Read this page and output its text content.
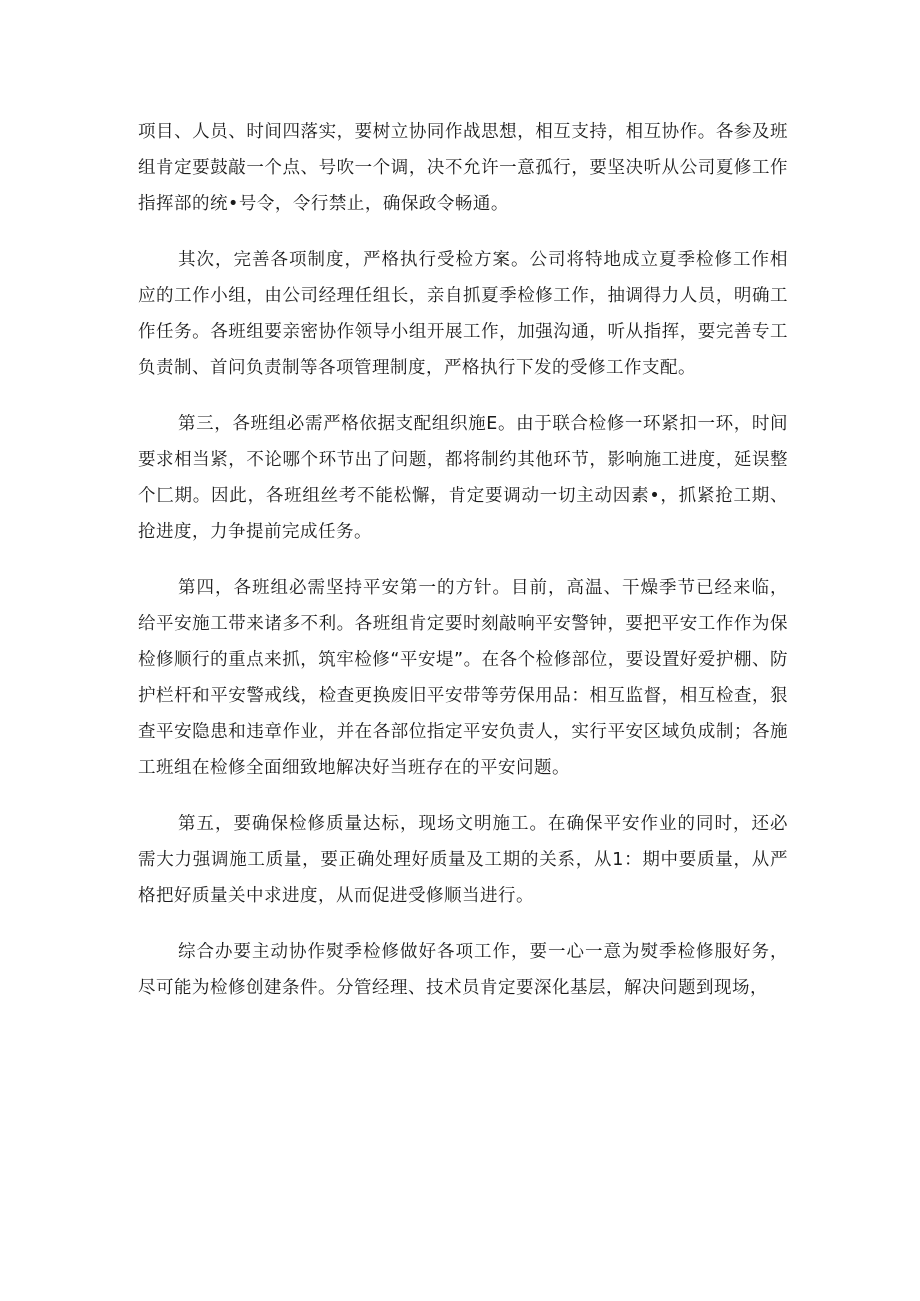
项目、人员、时间四落实，要树立协同作战思想，相互支持，相互协作。各参及班组肯定要鼓敲一个点、号吹一个调，决不允许一意孤行，要坚决听从公司夏修工作指挥部的统•号令，令行禁止，确保政令畅通。

其次，完善各项制度，严格执行受检方案。公司将特地成立夏季检修工作相应的工作小组，由公司经理任组长，亲自抓夏季检修工作，抽调得力人员，明确工作任务。各班组要亲密协作领导小组开展工作，加强沟通，听从指挥，要完善专工负责制、首问负责制等各项管理制度，严格执行下发的受修工作支配。

第三，各班组必需严格依据支配组织施E。由于联合检修一环紧扣一环，时间要求相当紧，不论哪个环节出了问题，都将制约其他环节，影响施工进度，延误整个匚期。因此，各班组丝考不能松懈，肯定要调动一切主动因素•，抓紧抢工期、抢进度，力争提前完成任务。

第四，各班组必需坚持平安第一的方针。目前，高温、干燥季节已经来临，给平安施工带来诸多不利。各班组肯定要时刻敲响平安警钟，要把平安工作作为保检修顺行的重点来抓，筑牢检修“平安堤”。在各个检修部位，要设置好爱护棚、防护栏杆和平安警戒线，检查更换废旧平安带等劳保用品：相互监督，相互检查，狠查平安隐患和违章作业，并在各部位指定平安负责人，实行平安区域负成制；各施工班组在检修全面细致地解决好当班存在的平安问题。

第五，要确保检修质量达标，现场文明施工。在确保平安作业的同时，还必需大力强调施工质量，要正确处理好质量及工期的关系，从1：期中要质量，从严格把好质量关中求进度，从而促进受修顺当进行。

综合办要主动协作熨季检修做好各项工作，要一心一意为熨季检修服好务，尽可能为检修创建条件。分管经理、技术员肯定要深化基层，解决问题到现场，
